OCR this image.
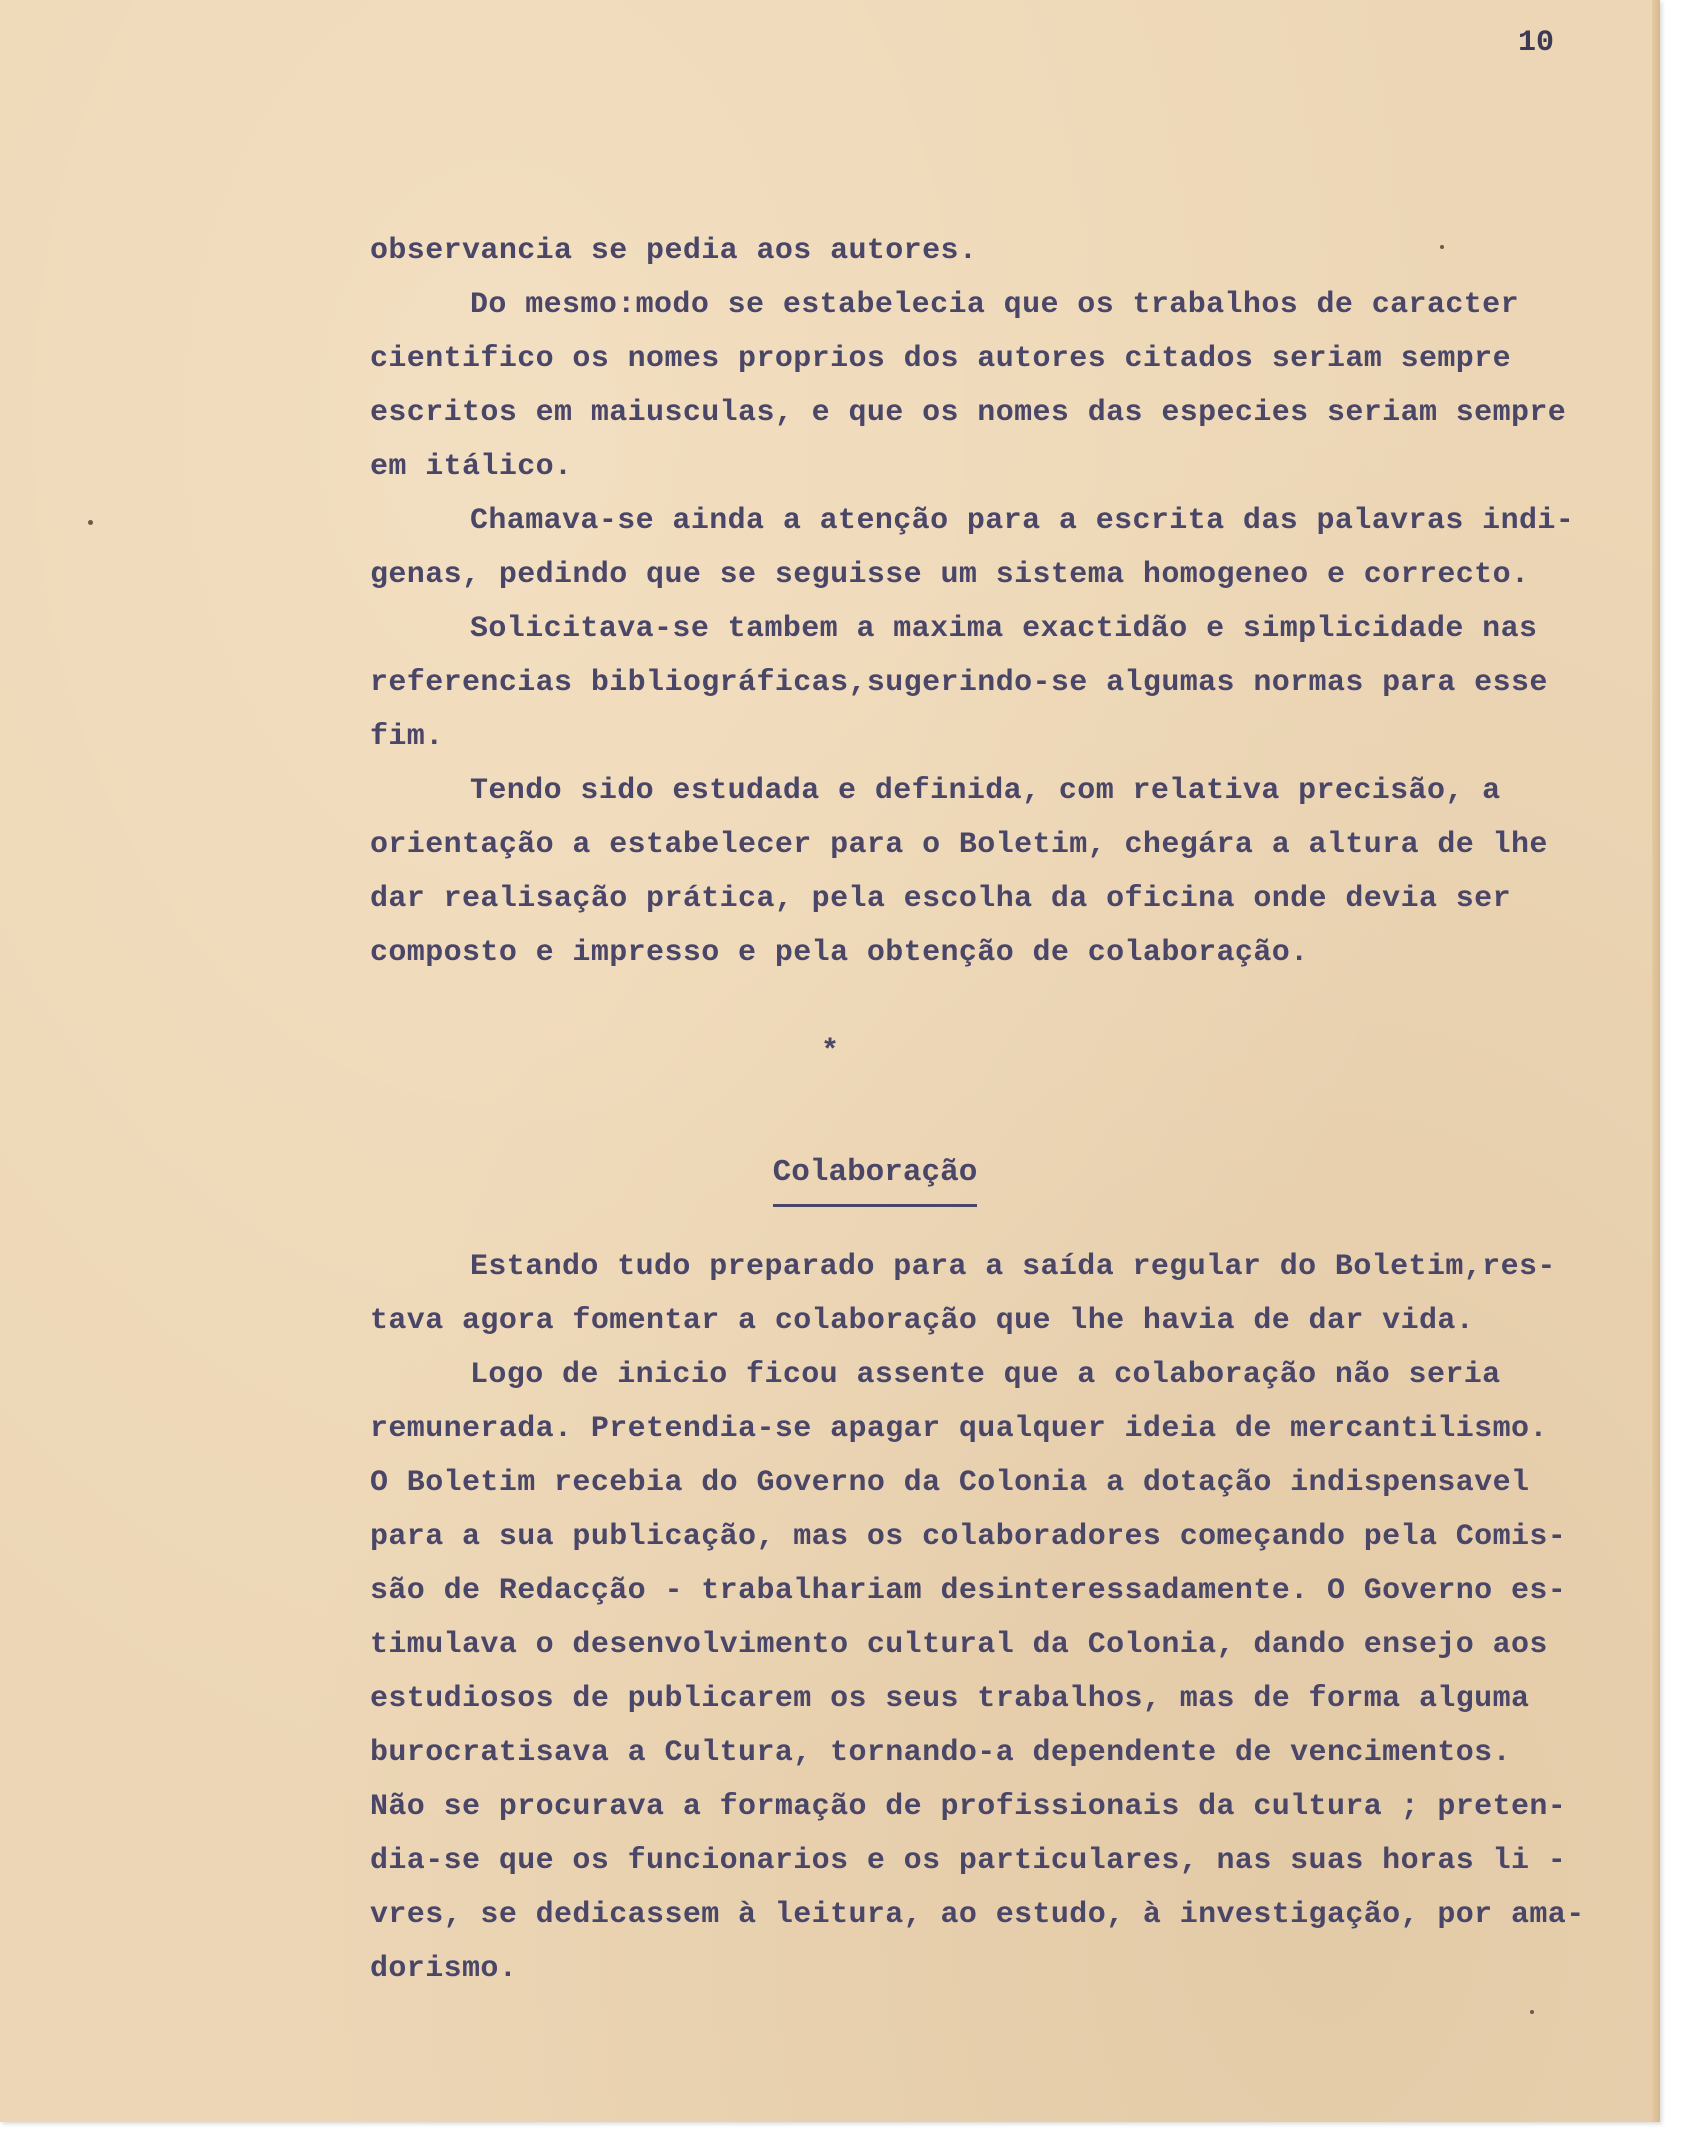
10
observancia se pedia aos autores.
Do mesmo:modo se estabelecia que os trabalhos de caracter
cientifico os nomes proprios dos autores citados seriam sempre
escritos em maiusculas, e que os nomes das especies seriam sempre
em itálico.
Chamava-se ainda a atenção para a escrita das palavras indi-
genas, pedindo que se seguisse um sistema homogeneo e correcto.
Solicitava-se tambem a maxima exactidão e simplicidade nas
referencias bibliográficas,sugerindo-se algumas normas para esse
fim.
Tendo sido estudada e definida, com relativa precisão, a
orientação a estabelecer para o Boletim, chegára a altura de lhe
dar realisação prática, pela escolha da oficina onde devia ser
composto e impresso e pela obtenção de colaboração.
*
Colaboração
Estando tudo preparado para a saída regular do Boletim,res-
tava agora fomentar a colaboração que lhe havia de dar vida.
Logo de inicio ficou assente que a colaboração não seria
remunerada. Pretendia-se apagar qualquer ideia de mercantilismo.
O Boletim recebia do Governo da Colonia a dotação indispensavel
para a sua publicação, mas os colaboradores começando pela Comis-
são de Redacção - trabalhariam desinteressadamente. O Governo es-
timulava o desenvolvimento cultural da Colonia, dando ensejo aos
estudiosos de publicarem os seus trabalhos, mas de forma alguma
burocratisava a Cultura, tornando-a dependente de vencimentos.
Não se procurava a formação de profissionais da cultura ; preten-
dia-se que os funcionarios e os particulares, nas suas horas li -
vres, se dedicassem à leitura, ao estudo, à investigação, por ama-
dorismo.
